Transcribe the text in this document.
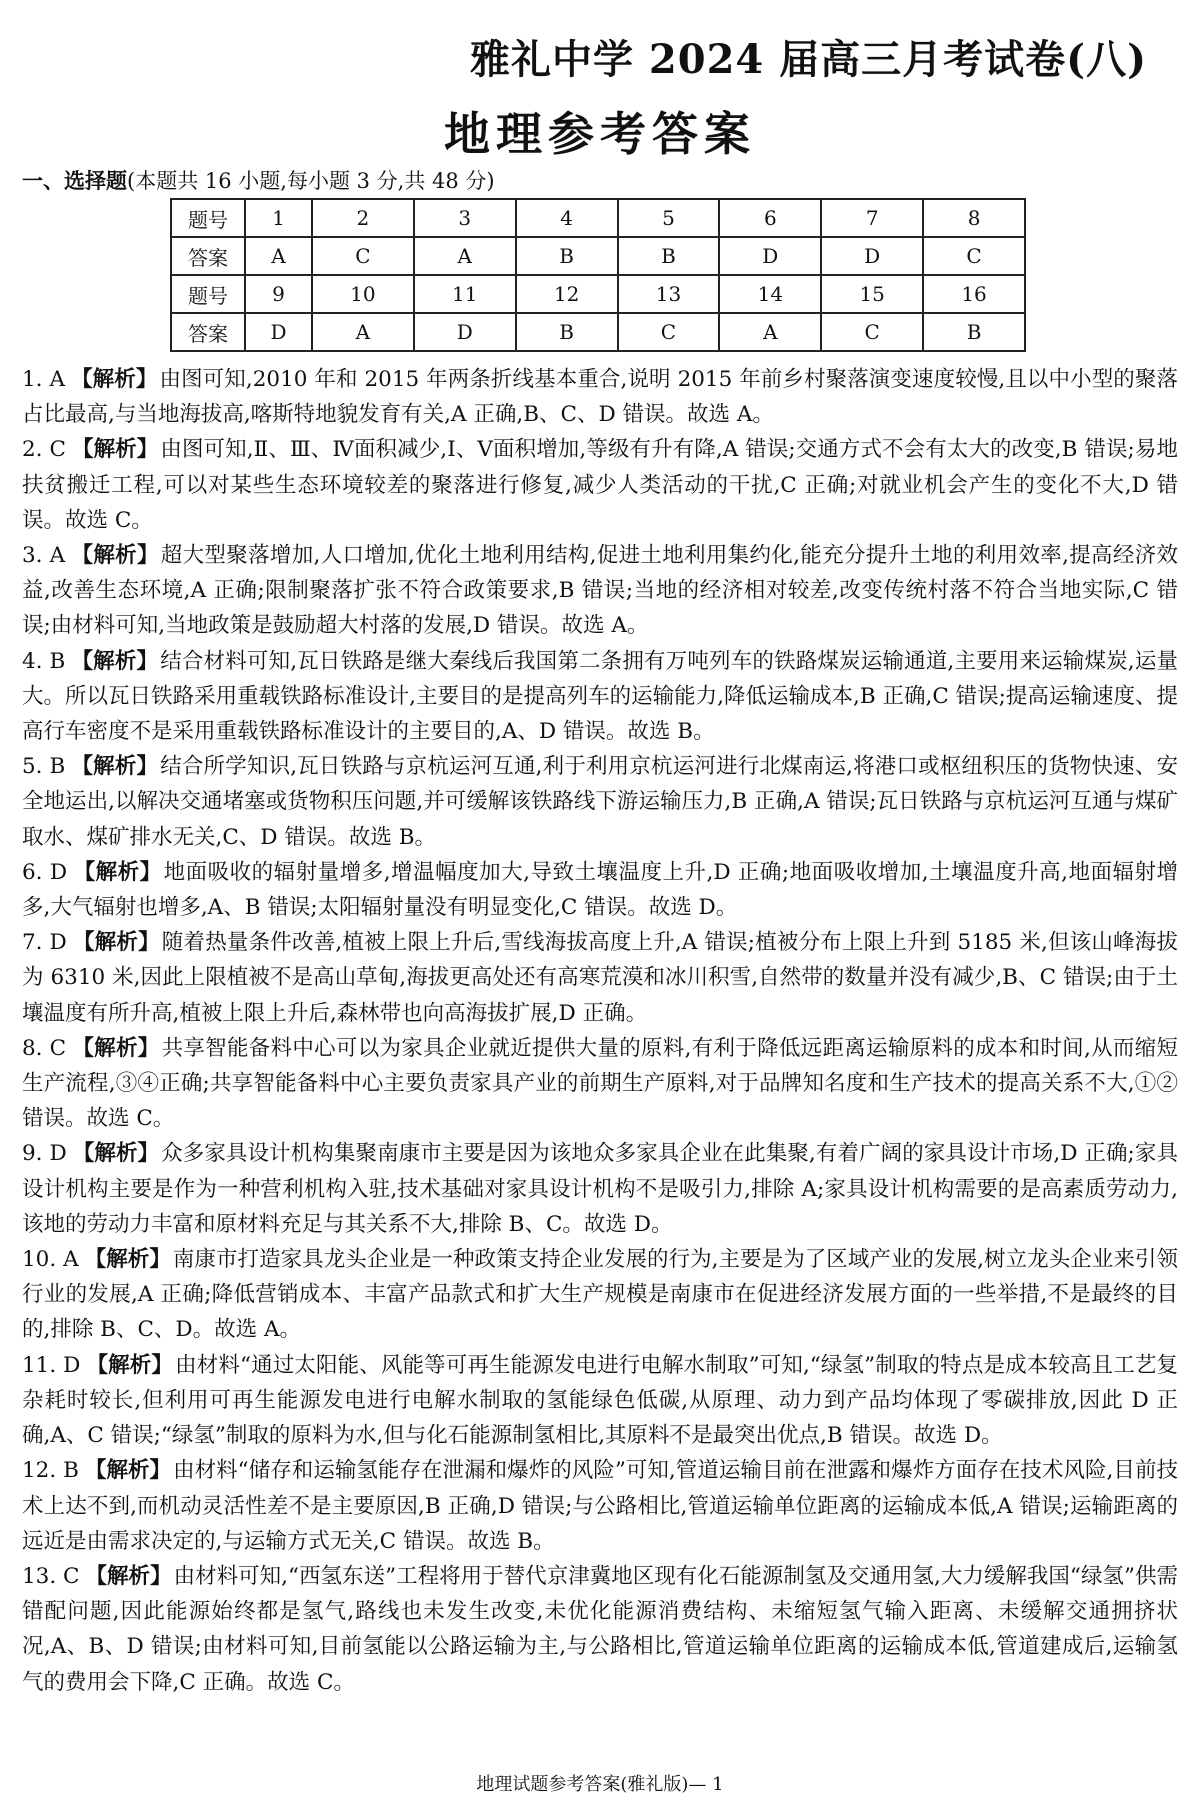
雅礼中学 2024 届高三月考试卷(八)
地理参考答案
一、选择题(本题共 16 小题,每小题 3 分,共 48 分)
题号	1	2	3	4	5	6	7	8
答案	A	C	A	B	B	D	D	C
题号	9	10	11	12	13	14	15	16
答案	D	A	D	B	C	A	C	B

1. A 【解析】由图可知,2010 年和 2015 年两条折线基本重合,说明 2015 年前乡村聚落演变速度较慢,且以中小型的聚落占比最高,与当地海拔高,喀斯特地貌发育有关,A 正确,B、C、D 错误。故选 A。

2. C 【解析】由图可知,Ⅱ、Ⅲ、Ⅳ面积减少,Ⅰ、Ⅴ面积增加,等级有升有降,A 错误;交通方式不会有太大的改变,B 错误;易地扶贫搬迁工程,可以对某些生态环境较差的聚落进行修复,减少人类活动的干扰,C 正确;对就业机会产生的变化不大,D 错误。故选 C。

3. A 【解析】超大型聚落增加,人口增加,优化土地利用结构,促进土地利用集约化,能充分提升土地的利用效率,提高经济效益,改善生态环境,A 正确;限制聚落扩张不符合政策要求,B 错误;当地的经济相对较差,改变传统村落不符合当地实际,C 错误;由材料可知,当地政策是鼓励超大村落的发展,D 错误。故选 A。

4. B 【解析】结合材料可知,瓦日铁路是继大秦线后我国第二条拥有万吨列车的铁路煤炭运输通道,主要用来运输煤炭,运量大。所以瓦日铁路采用重载铁路标准设计,主要目的是提高列车的运输能力,降低运输成本,B 正确,C 错误;提高运输速度、提高行车密度不是采用重载铁路标准设计的主要目的,A、D 错误。故选 B。

5. B 【解析】结合所学知识,瓦日铁路与京杭运河互通,利于利用京杭运河进行北煤南运,将港口或枢纽积压的货物快速、安全地运出,以解决交通堵塞或货物积压问题,并可缓解该铁路线下游运输压力,B 正确,A 错误;瓦日铁路与京杭运河互通与煤矿取水、煤矿排水无关,C、D 错误。故选 B。

6. D 【解析】地面吸收的辐射量增多,增温幅度加大,导致土壤温度上升,D 正确;地面吸收增加,土壤温度升高,地面辐射增多,大气辐射也增多,A、B 错误;太阳辐射量没有明显变化,C 错误。故选 D。

7. D 【解析】随着热量条件改善,植被上限上升后,雪线海拔高度上升,A 错误;植被分布上限上升到 5185 米,但该山峰海拔为 6310 米,因此上限植被不是高山草甸,海拔更高处还有高寒荒漠和冰川积雪,自然带的数量并没有减少,B、C 错误;由于土壤温度有所升高,植被上限上升后,森林带也向高海拔扩展,D 正确。

8. C 【解析】共享智能备料中心可以为家具企业就近提供大量的原料,有利于降低远距离运输原料的成本和时间,从而缩短生产流程,③④正确;共享智能备料中心主要负责家具产业的前期生产原料,对于品牌知名度和生产技术的提高关系不大,①②错误。故选 C。

9. D 【解析】众多家具设计机构集聚南康市主要是因为该地众多家具企业在此集聚,有着广阔的家具设计市场,D 正确;家具设计机构主要是作为一种营利机构入驻,技术基础对家具设计机构不是吸引力,排除 A;家具设计机构需要的是高素质劳动力,该地的劳动力丰富和原材料充足与其关系不大,排除 B、C。故选 D。

10. A 【解析】南康市打造家具龙头企业是一种政策支持企业发展的行为,主要是为了区域产业的发展,树立龙头企业来引领行业的发展,A 正确;降低营销成本、丰富产品款式和扩大生产规模是南康市在促进经济发展方面的一些举措,不是最终的目的,排除 B、C、D。故选 A。

11. D 【解析】由材料“通过太阳能、风能等可再生能源发电进行电解水制取”可知,“绿氢”制取的特点是成本较高且工艺复杂耗时较长,但利用可再生能源发电进行电解水制取的氢能绿色低碳,从原理、动力到产品均体现了零碳排放,因此 D 正确,A、C 错误;“绿氢”制取的原料为水,但与化石能源制氢相比,其原料不是最突出优点,B 错误。故选 D。

12. B 【解析】由材料“储存和运输氢能存在泄漏和爆炸的风险”可知,管道运输目前在泄露和爆炸方面存在技术风险,目前技术上达不到,而机动灵活性差不是主要原因,B 正确,D 错误;与公路相比,管道运输单位距离的运输成本低,A 错误;运输距离的远近是由需求决定的,与运输方式无关,C 错误。故选 B。

13. C 【解析】由材料可知,“西氢东送”工程将用于替代京津冀地区现有化石能源制氢及交通用氢,大力缓解我国“绿氢”供需错配问题,因此能源始终都是氢气,路线也未发生改变,未优化能源消费结构、未缩短氢气输入距离、未缓解交通拥挤状况,A、B、D 错误;由材料可知,目前氢能以公路运输为主,与公路相比,管道运输单位距离的运输成本低,管道建成后,运输氢气的费用会下降,C 正确。故选 C。

地理试题参考答案(雅礼版)— 1
